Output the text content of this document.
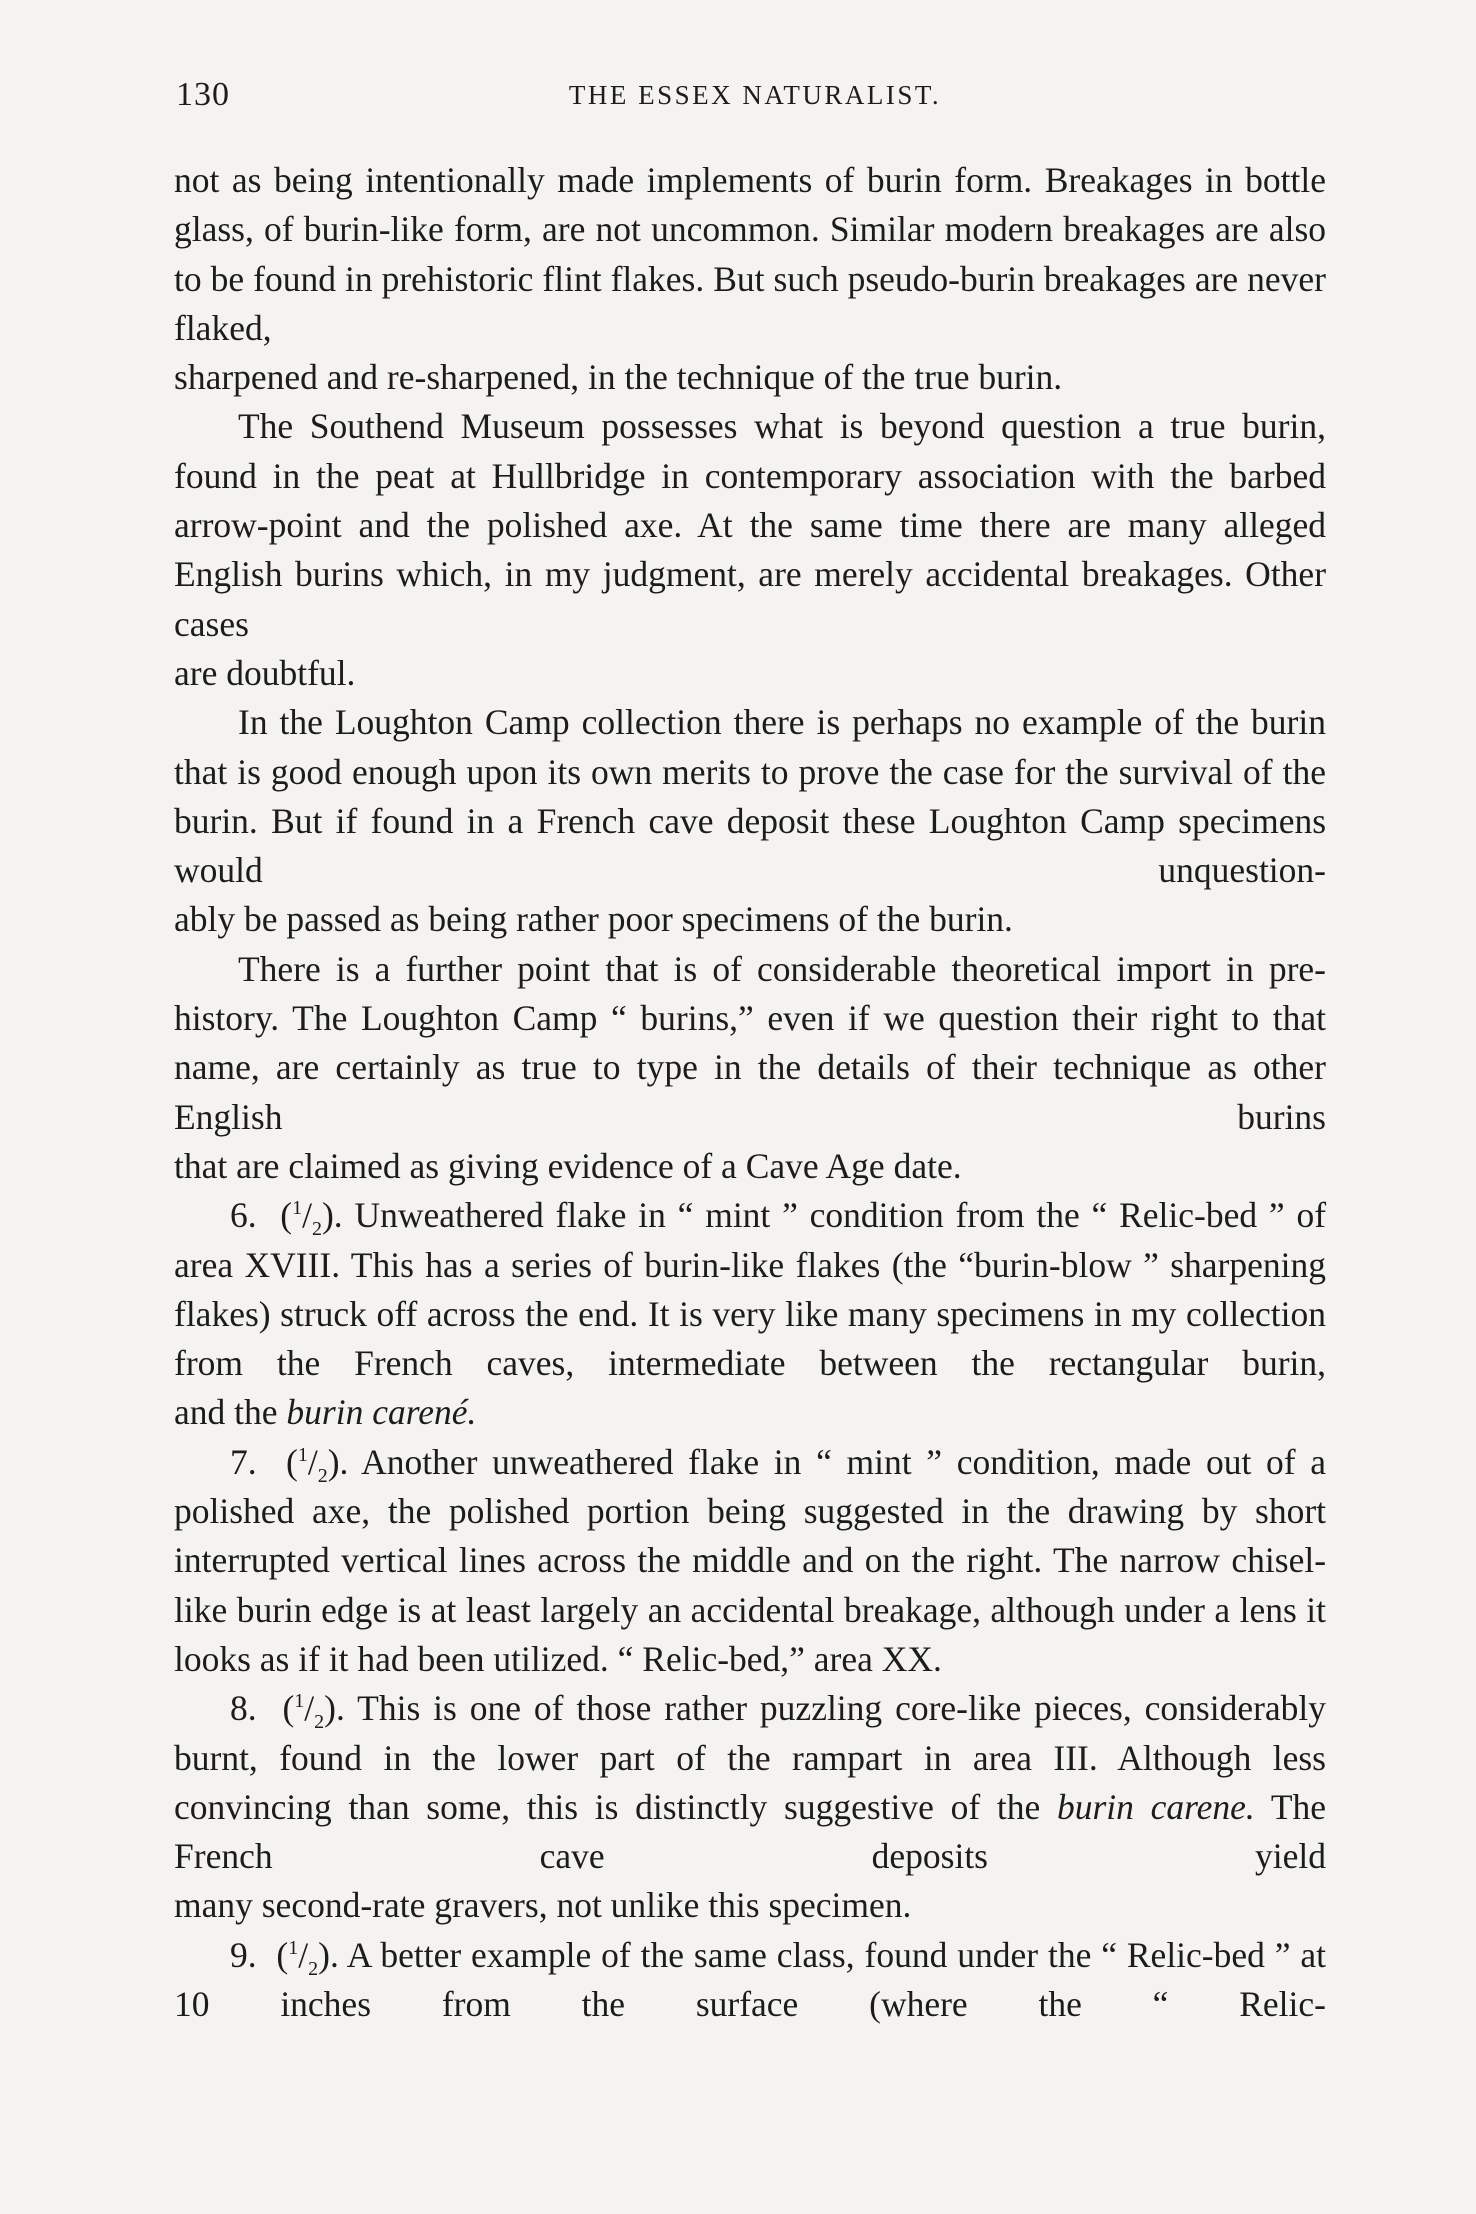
130	THE ESSEX NATURALIST.

not as being intentionally made implements of burin form. Breakages in bottle glass, of burin-like form, are not uncommon. Similar modern breakages are also to be found in prehistoric flint flakes. But such pseudo-burin breakages are never flaked,

sharpened and re-sharpened, in the technique of the true burin.

The Southend Museum possesses what is beyond question a true burin, found in the peat at Hullbridge in contemporary association with the barbed arrow-point and the polished axe. At the same time there are many alleged English burins which, in my judgment, are merely accidental breakages. Other cases

are doubtful.

In the Loughton Camp collection there is perhaps no example of the burin that is good enough upon its own merits to prove the case for the survival of the burin. But if found in a French cave deposit these Loughton Camp specimens would unquestion-

ably be passed as being rather poor specimens of the burin.

There is a further point that is of considerable theoretical import in pre-history. The Loughton Camp “ burins,” even if we question their right to that name, are certainly as true to type in the details of their technique as other English burins

that are claimed as giving evidence of a Cave Age date.

6. $(^1/_2)$. Unweathered flake in “ mint ” condition from the “ Relic-bed ” of area XVIII. This has a series of burin-like flakes (the “burin-blow ” sharpening flakes) struck off across the end. It is very like many specimens in my collection from the French caves, intermediate between the rectangular burin,

and the burin carené.

7. $(^1/_2)$. Another unweathered flake in “ mint ” condition, made out of a polished axe, the polished portion being suggested in the drawing by short interrupted vertical lines across the middle and on the right. The narrow chisel-like burin edge is at least largely an accidental breakage, although under a lens it

looks as if it had been utilized. “ Relic-bed,” area XX.

8. $(^1/_2)$. This is one of those rather puzzling core-like pieces, considerably burnt, found in the lower part of the rampart in area III. Although less convincing than some, this is distinctly suggestive of the burin carene. The French cave deposits yield

many second-rate gravers, not unlike this specimen.

9. $(^1/_2)$. A better example of the same class, found under the “ Relic-bed ” at 10 inches from the surface (where the “ Relic-
